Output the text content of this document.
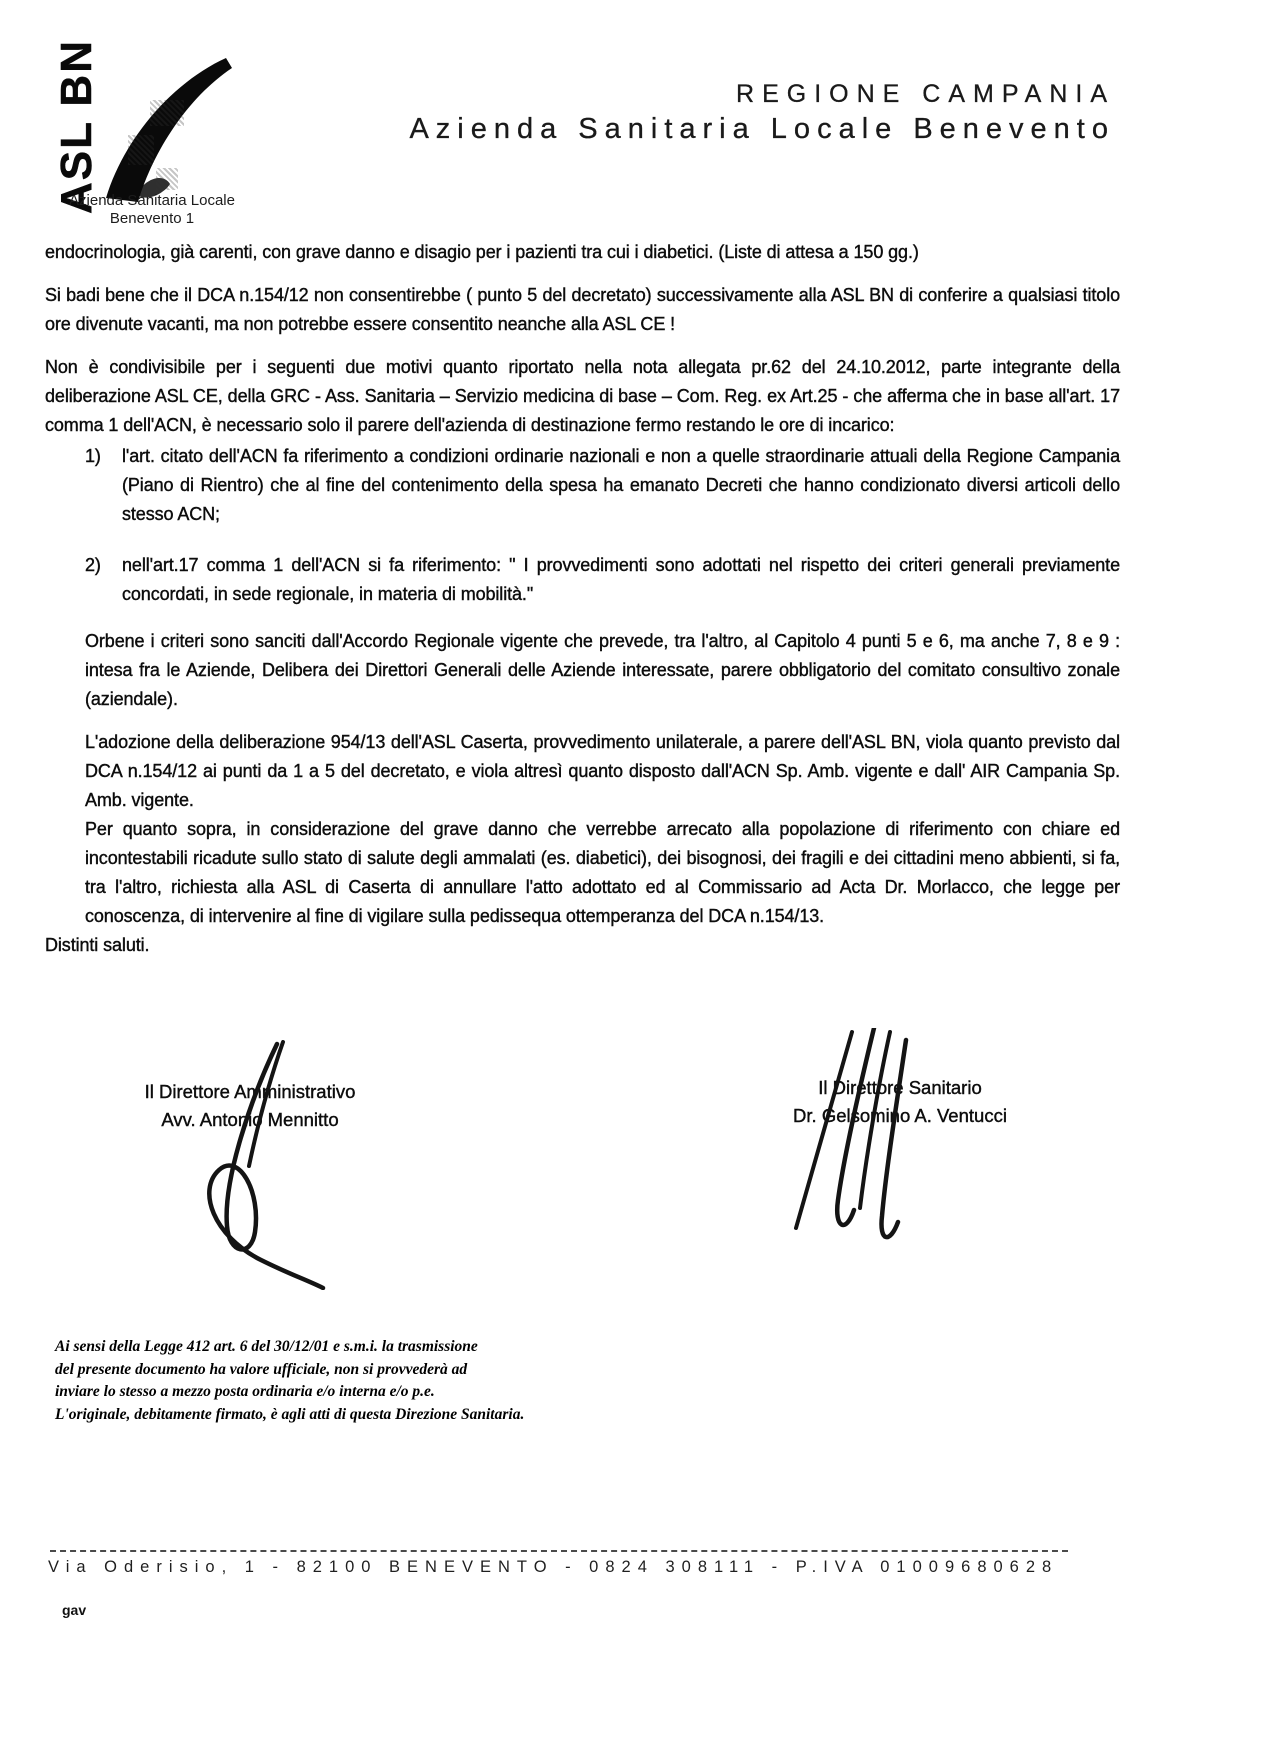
ASL BN
Azienda Sanitaria Locale
Benevento 1
REGIONE CAMPANIA
Azienda Sanitaria Locale Benevento

endocrinologia, già carenti, con grave danno e disagio per i pazienti tra cui i diabetici. (Liste di attesa a 150 gg.)

Si badi bene che il DCA n.154/12 non consentirebbe ( punto 5 del decretato) successivamente alla ASL BN di conferire a qualsiasi titolo ore divenute vacanti, ma non potrebbe essere consentito neanche alla ASL CE !

Non è condivisibile per i seguenti due motivi quanto riportato nella nota allegata pr.62 del 24.10.2012, parte integrante della deliberazione ASL CE, della GRC - Ass. Sanitaria – Servizio medicina di base – Com. Reg. ex Art.25 - che afferma che in base all'art. 17 comma 1 dell'ACN, è necessario solo il parere dell'azienda di destinazione fermo restando le ore di incarico:

1)	l'art. citato dell'ACN fa riferimento a condizioni ordinarie nazionali e non a quelle straordinarie attuali della Regione Campania (Piano di Rientro) che al fine del contenimento della spesa ha emanato Decreti che hanno condizionato diversi articoli dello stesso ACN;
2)	nell'art.17 comma 1 dell'ACN si fa riferimento: " I provvedimenti sono adottati nel rispetto dei criteri generali previamente concordati, in sede regionale, in materia di mobilità."

Orbene i criteri sono sanciti dall'Accordo Regionale vigente che prevede, tra l'altro, al Capitolo 4 punti 5 e 6, ma anche 7, 8 e 9 : intesa fra le Aziende, Delibera dei Direttori Generali delle Aziende interessate, parere obbligatorio del comitato consultivo zonale (aziendale).

L'adozione della deliberazione 954/13 dell'ASL Caserta, provvedimento unilaterale, a parere dell'ASL BN, viola quanto previsto dal DCA n.154/12 ai punti da 1 a 5 del decretato, e viola altresì quanto disposto dall'ACN Sp. Amb. vigente e dall' AIR Campania Sp. Amb. vigente.

Per quanto sopra, in considerazione del grave danno che verrebbe arrecato alla popolazione di riferimento con chiare ed incontestabili ricadute sullo stato di salute degli ammalati (es. diabetici), dei bisognosi, dei fragili e dei cittadini meno abbienti, si fa, tra l'altro, richiesta alla ASL di Caserta di annullare l'atto adottato ed al Commissario ad Acta Dr. Morlacco, che legge per conoscenza, di intervenire al fine di vigilare sulla pedissequa ottemperanza del DCA n.154/13.

Distinti saluti.

Il Direttore Amministrativo
Avv. Antonio Mennitto
Il Direttore Sanitario
Dr. Gelsomino A. Ventucci
Ai sensi della Legge 412 art. 6 del 30/12/01 e s.m.i. la trasmissione
del presente documento ha valore ufficiale, non si provvederà ad
inviare lo stesso a mezzo posta ordinaria e/o interna e/o p.e.
L'originale, debitamente firmato, è agli atti di questa Direzione Sanitaria.
Via Oderisio, 1 - 82100 BENEVENTO - 0824 308111 - P.IVA 01009680628
gav
